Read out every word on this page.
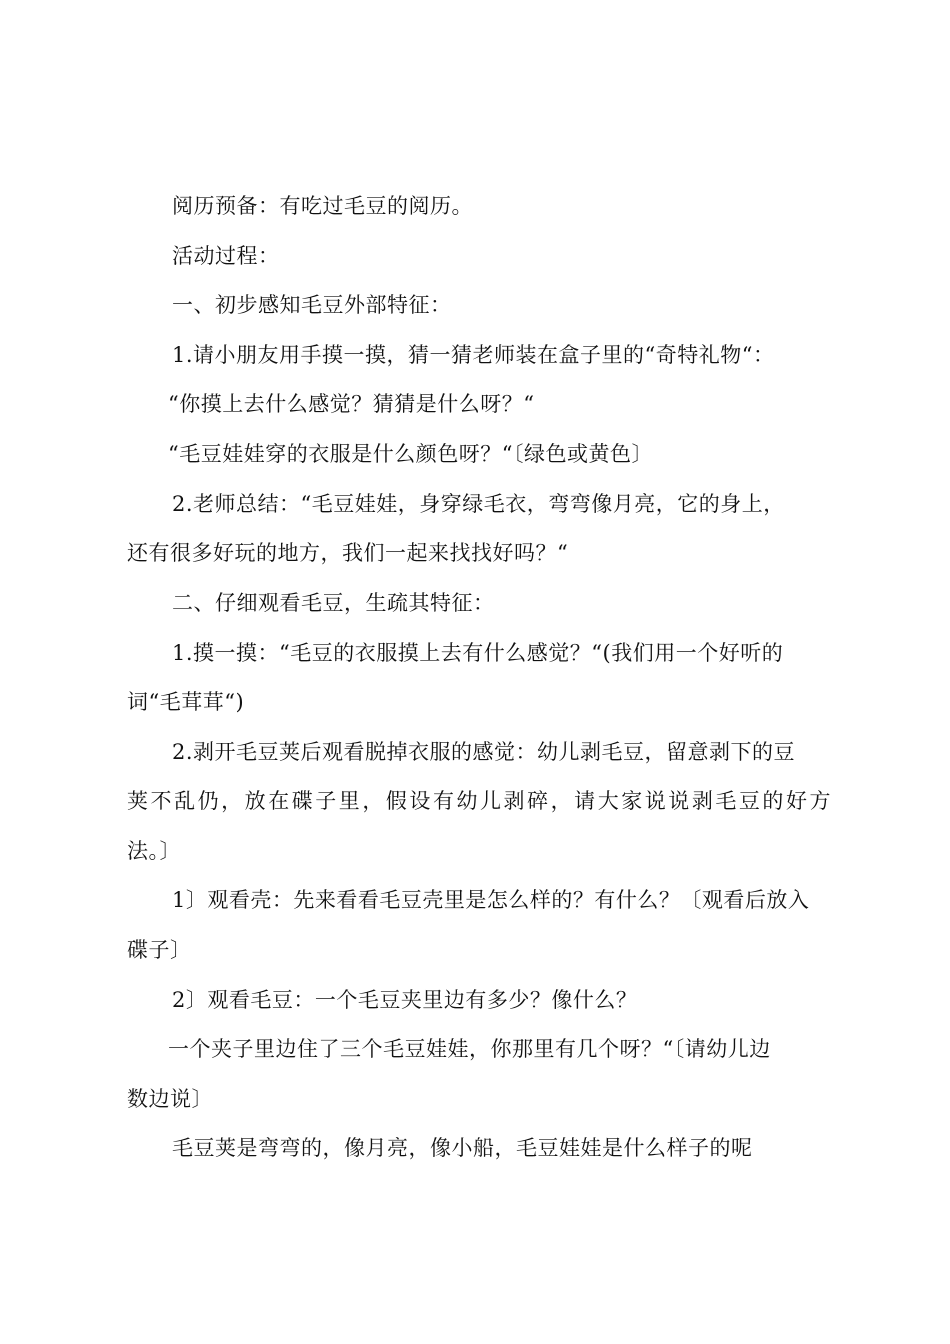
阅历预备：有吃过毛豆的阅历。
活动过程：
一、初步感知毛豆外部特征：
1.请小朋友用手摸一摸，猜一猜老师装在盒子里的“奇特礼物“：
“你摸上去什么感觉？猜猜是什么呀？“
“毛豆娃娃穿的衣服是什么颜色呀？“〔绿色或黄色〕
2.老师总结：“毛豆娃娃，身穿绿毛衣，弯弯像月亮，它的身上，
还有很多好玩的地方，我们一起来找找好吗？“
二、仔细观看毛豆，生疏其特征：
1.摸一摸：“毛豆的衣服摸上去有什么感觉？“(我们用一个好听的
词“毛茸茸“)
2.剥开毛豆荚后观看脱掉衣服的感觉：幼儿剥毛豆，留意剥下的豆
荚不乱仍，放在碟子里，假设有幼儿剥碎，请大家说说剥毛豆的好方
法。〕
1〕观看壳：先来看看毛豆壳里是怎么样的？有什么？〔观看后放入
碟子〕
2〕观看毛豆：一个毛豆夹里边有多少？像什么？
一个夹子里边住了三个毛豆娃娃，你那里有几个呀？“〔请幼儿边
数边说〕
毛豆荚是弯弯的，像月亮，像小船，毛豆娃娃是什么样子的呢
